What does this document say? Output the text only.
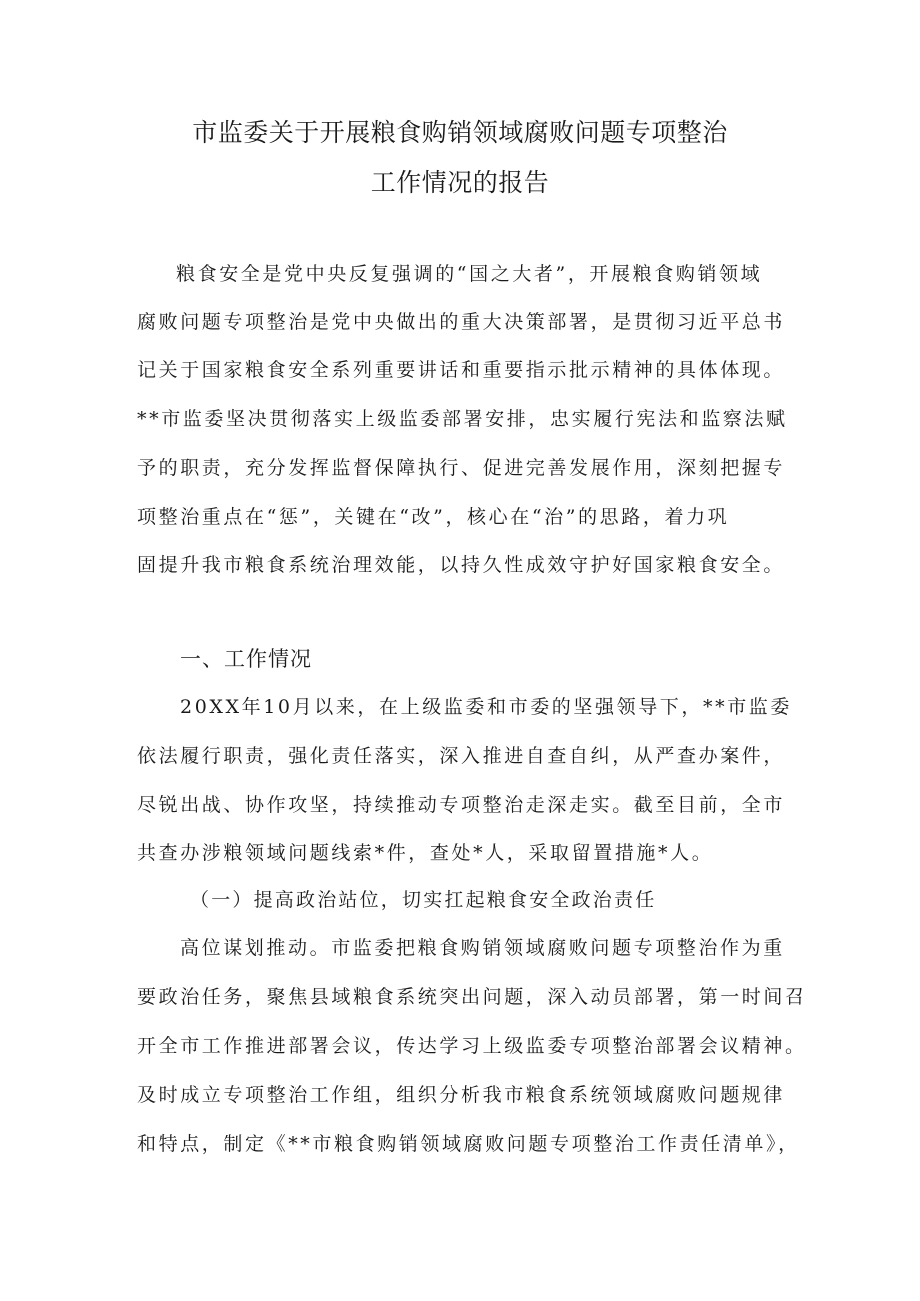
市监委关于开展粮食购销领域腐败问题专项整治
工作情况的报告
粮食安全是党中央反复强调的“国之大者”，开展粮食购销领域
腐败问题专项整治是党中央做出的重大决策部署，是贯彻习近平总书
记关于国家粮食安全系列重要讲话和重要指示批示精神的具体体现。
**市监委坚决贯彻落实上级监委部署安排，忠实履行宪法和监察法赋
予的职责，充分发挥监督保障执行、促进完善发展作用，深刻把握专
项整治重点在“惩”，关键在“改”，核心在“治”的思路，着力巩
固提升我市粮食系统治理效能，以持久性成效守护好国家粮食安全。
一、工作情况
20XX年10月以来，在上级监委和市委的坚强领导下，**市监委
依法履行职责，强化责任落实，深入推进自查自纠，从严查办案件，
尽锐出战、协作攻坚，持续推动专项整治走深走实。截至目前，全市
共查办涉粮领域问题线索*件，查处*人，采取留置措施*人。
（一）提高政治站位，切实扛起粮食安全政治责任
高位谋划推动。市监委把粮食购销领域腐败问题专项整治作为重
要政治任务，聚焦县域粮食系统突出问题，深入动员部署，第一时间召
开全市工作推进部署会议，传达学习上级监委专项整治部署会议精神。
及时成立专项整治工作组，组织分析我市粮食系统领域腐败问题规律
和特点，制定《**市粮食购销领域腐败问题专项整治工作责任清单》，
